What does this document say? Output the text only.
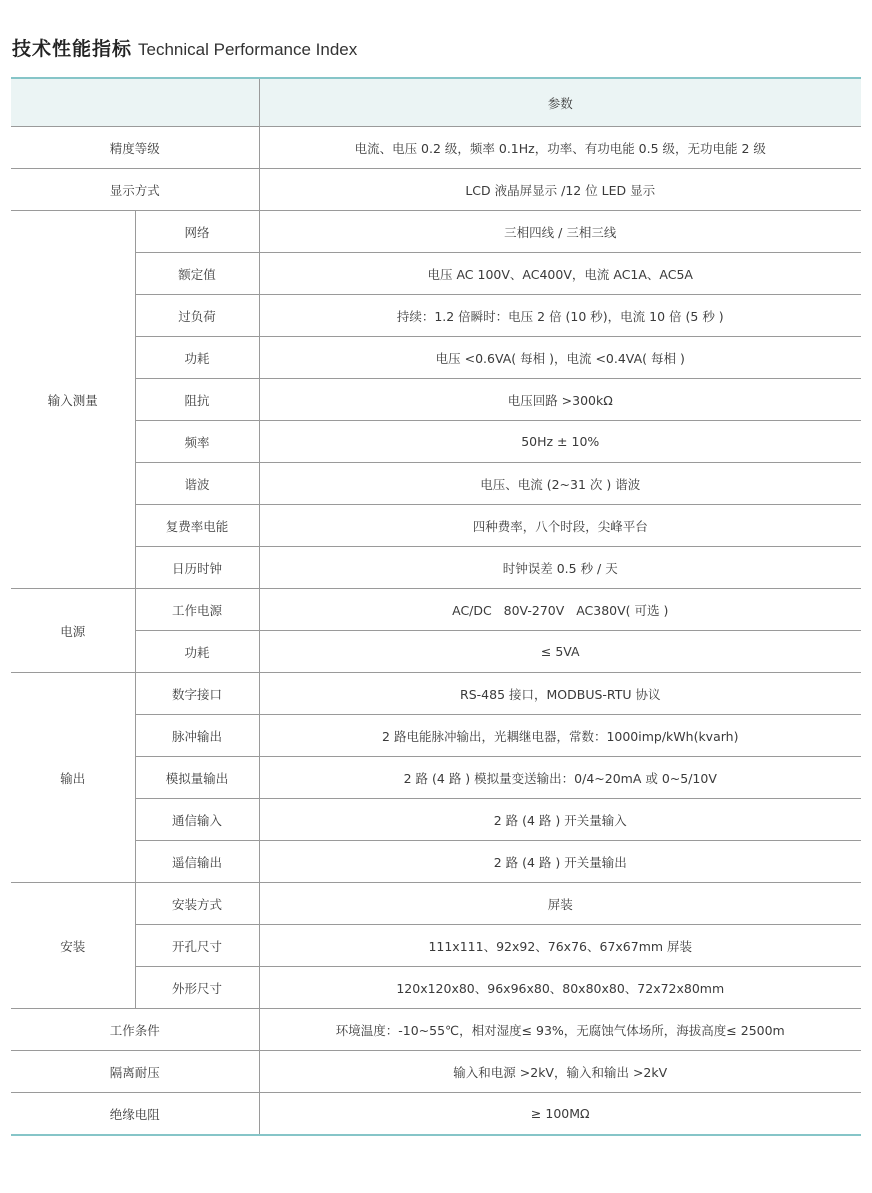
技术性能指标 Technical Performance Index
		参数
精度等级		电流、电压 0.2 级，频率 0.1Hz，功率、有功电能 0.5 级，无功电能 2 级
显示方式		LCD 液晶屏显示 /12 位 LED 显示
输入测量	网络	三相四线 / 三相三线
	额定值	电压 AC 100V、AC400V，电流 AC1A、AC5A
	过负荷	持续：1.2 倍瞬时：电压 2 倍 (10 秒)，电流 10 倍 (5 秒 )
	功耗	电压 <0.6VA( 每相 )，电流 <0.4VA( 每相 )
	阻抗	电压回路 >300kΩ
	频率	50Hz ± 10%
	谐波	电压、电流 (2~31 次 ) 谐波
	复费率电能	四种费率，八个时段，尖峰平台
	日历时钟	时钟误差 0.5 秒 / 天
电源	工作电源	AC/DC   80V-270V   AC380V( 可选 )
	功耗	≤ 5VA
输出	数字接口	RS-485 接口，MODBUS-RTU 协议
	脉冲输出	2 路电能脉冲输出，光耦继电器，常数：1000imp/kWh(kvarh)
	模拟量输出	2 路 (4 路 ) 模拟量变送输出：0/4~20mA 或 0~5/10V
	通信输入	2 路 (4 路 ) 开关量输入
	遥信输出	2 路 (4 路 ) 开关量输出
安装	安装方式	屏装
	开孔尺寸	111x111、92x92、76x76、67x67mm 屏装
	外形尺寸	120x120x80、96x96x80、80x80x80、72x72x80mm
工作条件		环境温度：-10~55℃，相对湿度≤ 93%，无腐蚀气体场所，海拔高度≤ 2500m
隔离耐压		输入和电源 >2kV，输入和输出 >2kV
绝缘电阻		≥ 100MΩ
